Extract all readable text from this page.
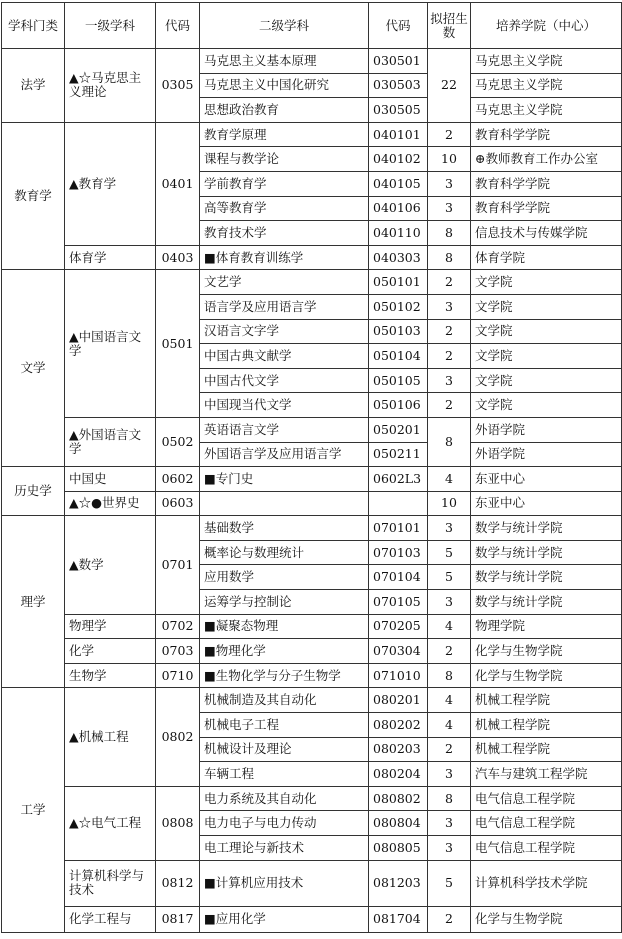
学科门类	一级学科	代码	二级学科	代码	拟招生数	培养学院（中心）
法学	▲☆马克思主义理论	0305	马克思主义基本原理	030501	22	马克思主义学院
			马克思主义中国化研究	030503		马克思主义学院
			思想政治教育	030505		马克思主义学院
教育学	▲教育学	0401	教育学原理	040101	2	教育科学学院
			课程与教学论	040102	10	⊕教师教育工作办公室
			学前教育学	040105	3	教育科学学院
			高等教育学	040106	3	教育科学学院
			教育技术学	040110	8	信息技术与传媒学院
	体育学	0403	■体育教育训练学	040303	8	体育学院
文学	▲中国语言文学	0501	文艺学	050101	2	文学院
			语言学及应用语言学	050102	3	文学院
			汉语言文字学	050103	2	文学院
			中国古典文献学	050104	2	文学院
			中国古代文学	050105	3	文学院
			中国现当代文学	050106	2	文学院
	▲外国语言文学	0502	英语语言文学	050201	8	外语学院
			外国语言学及应用语言学	050211		外语学院
历史学	中国史	0602	■专门史	0602L3	4	东亚中心
	▲☆●世界史	0603			10	东亚中心
理学	▲数学	0701	基础数学	070101	3	数学与统计学院
			概率论与数理统计	070103	5	数学与统计学院
			应用数学	070104	5	数学与统计学院
			运筹学与控制论	070105	3	数学与统计学院
	物理学	0702	■凝聚态物理	070205	4	物理学院
	化学	0703	■物理化学	070304	2	化学与生物学院
	生物学	0710	■生物化学与分子生物学	071010	8	化学与生物学院
工学	▲机械工程	0802	机械制造及其自动化	080201	4	机械工程学院
			机械电子工程	080202	4	机械工程学院
			机械设计及理论	080203	2	机械工程学院
			车辆工程	080204	3	汽车与建筑工程学院
	▲☆电气工程	0808	电力系统及其自动化	080802	8	电气信息工程学院
			电力电子与电力传动	080804	3	电气信息工程学院
			电工理论与新技术	080805	3	电气信息工程学院
	计算机科学与技术	0812	■计算机应用技术	081203	5	计算机科学技术学院
	化学工程与	0817	■应用化学	081704	2	化学与生物学院
